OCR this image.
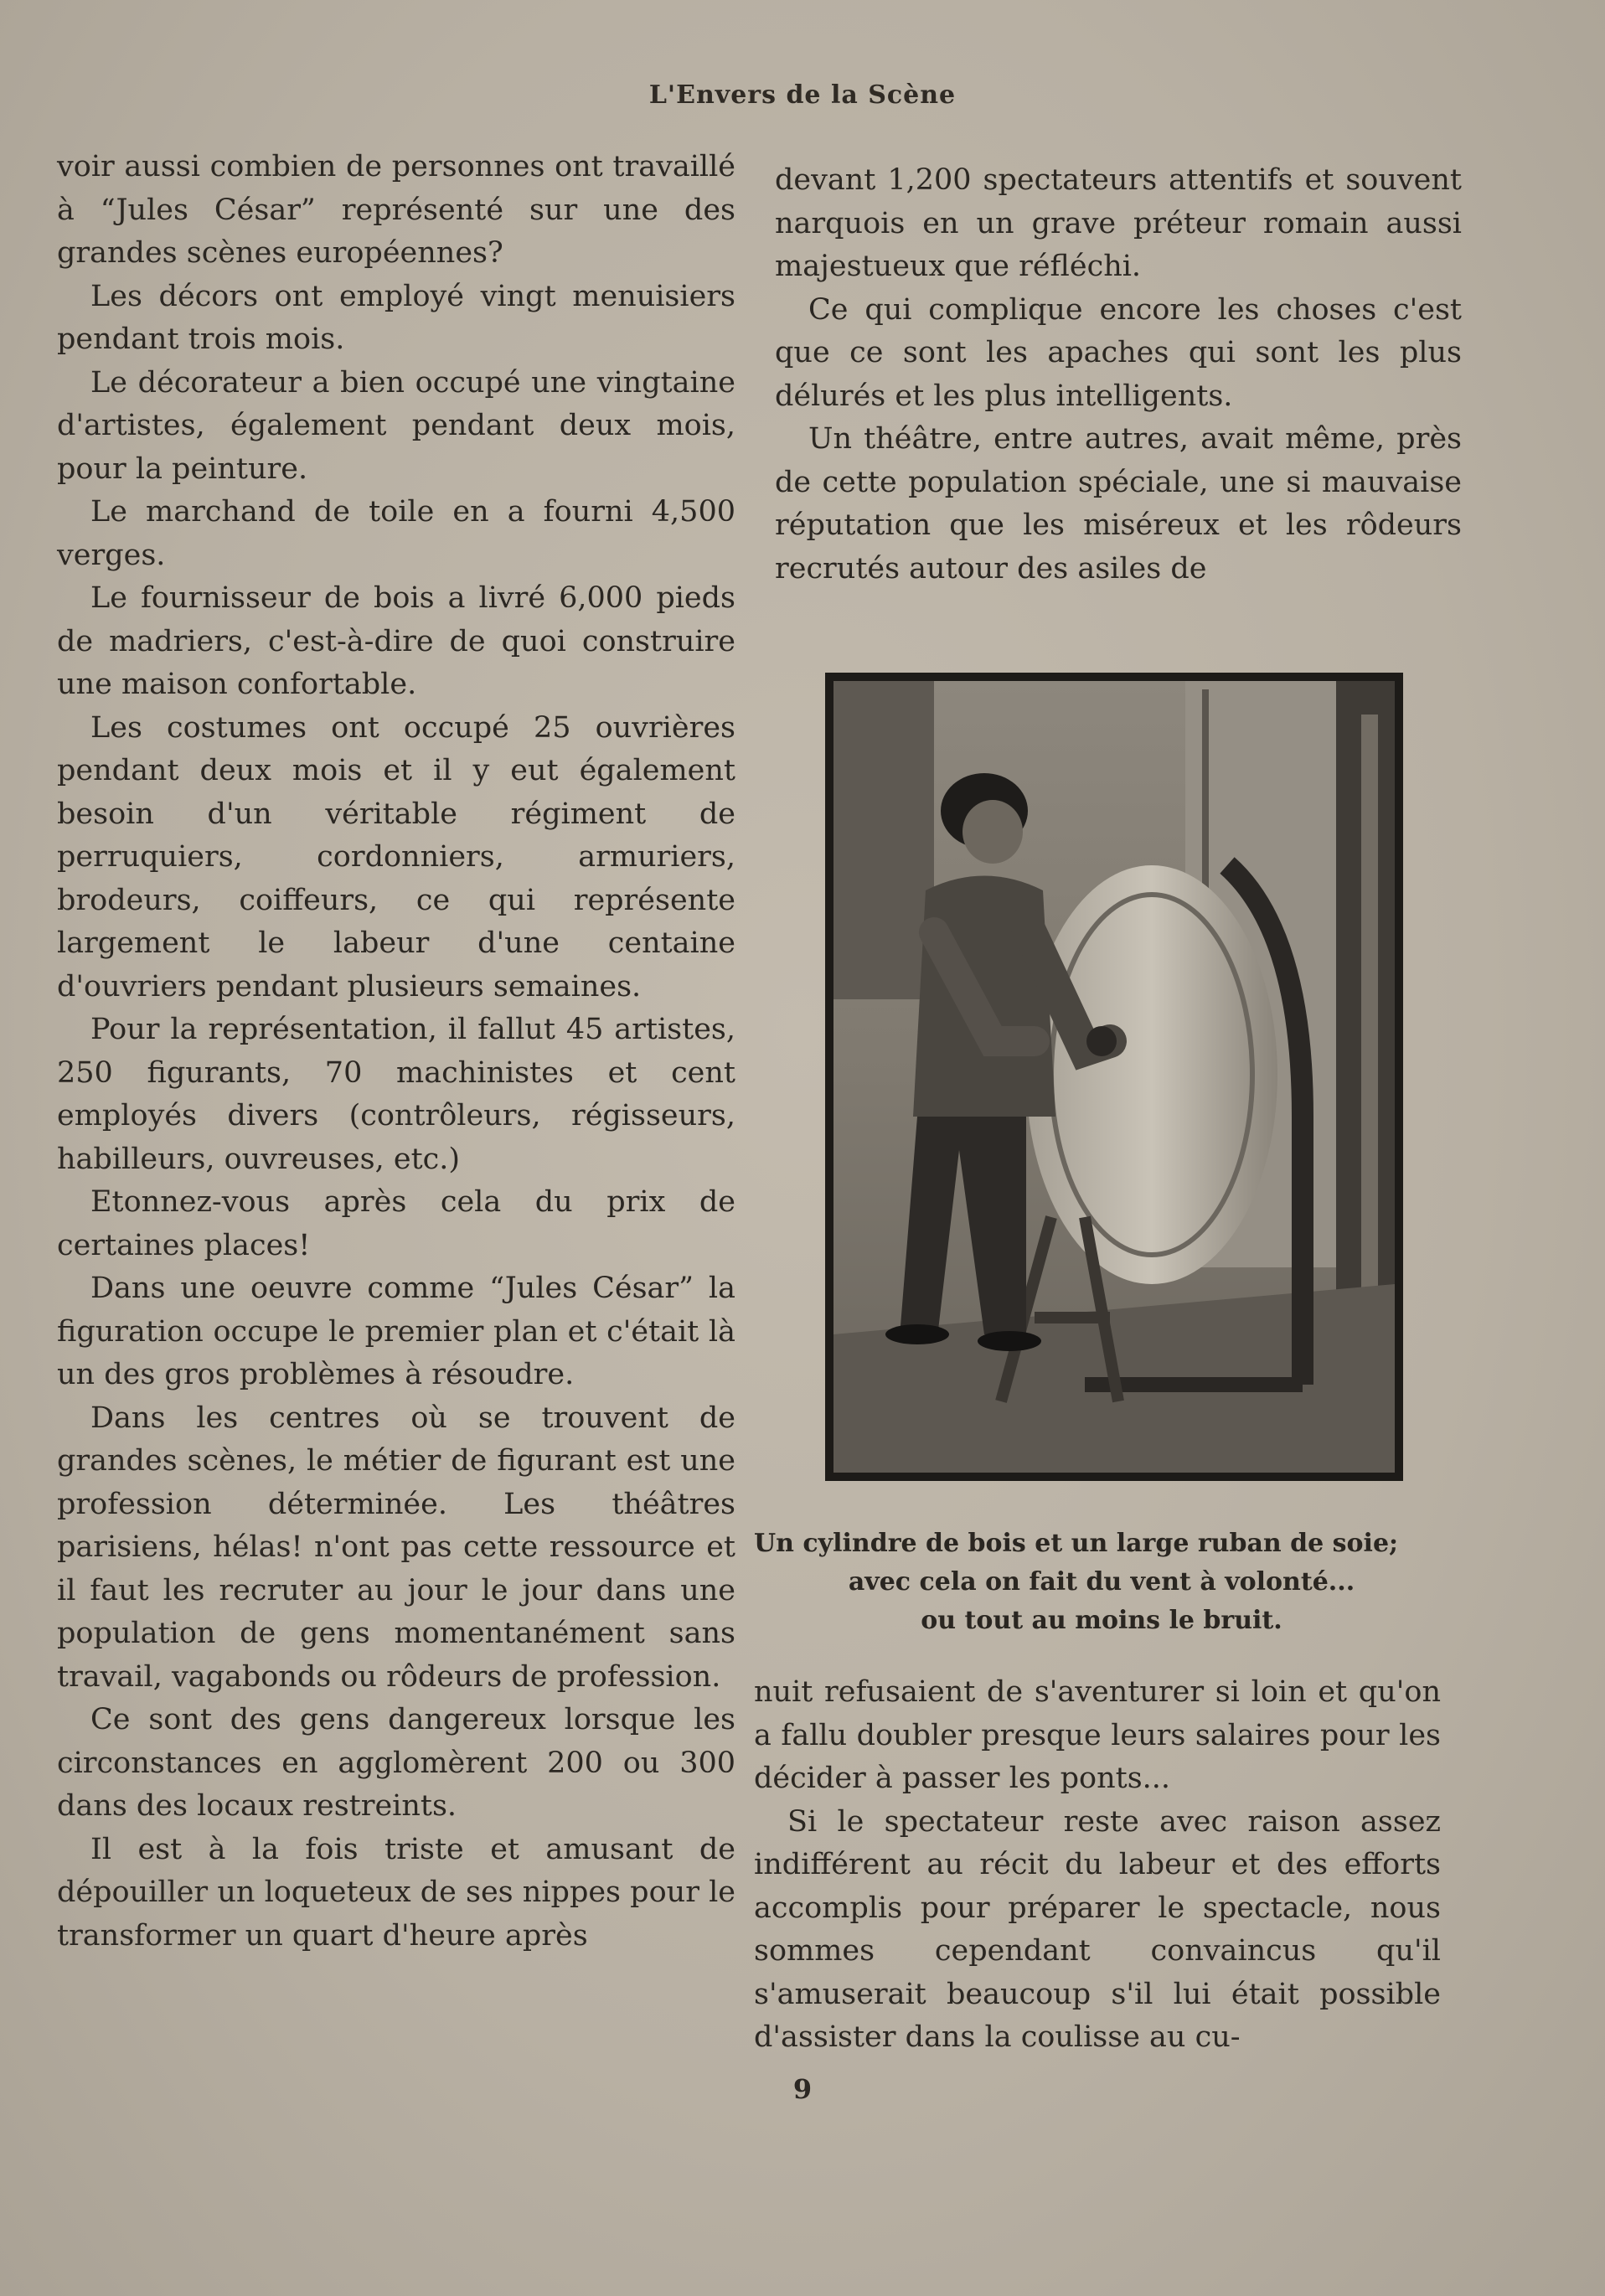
L'Envers de la Scène

voir aussi combien de personnes ont travaillé à “Jules César” représenté sur une des grandes scènes européennes?

Les décors ont employé vingt menuisiers pendant trois mois.

Le décorateur a bien occupé une vingtaine d'artistes, également pendant deux mois, pour la peinture.

Le marchand de toile en a fourni 4,500 verges.

Le fournisseur de bois a livré 6,000 pieds de madriers, c'est-à-dire de quoi construire une maison confortable.

Les costumes ont occupé 25 ouvrières pendant deux mois et il y eut également besoin d'un véritable régiment de perruquiers, cordonniers, armuriers, brodeurs, coiffeurs, ce qui représente largement le labeur d'une centaine d'ouvriers pendant plusieurs semaines.

Pour la représentation, il fallut 45 artistes, 250 figurants, 70 machinistes et cent employés divers (contrôleurs, régisseurs, habilleurs, ouvreuses, etc.)

Etonnez-vous après cela du prix de certaines places!

Dans une oeuvre comme “Jules César” la figuration occupe le premier plan et c'était là un des gros problèmes à résoudre.

Dans les centres où se trouvent de grandes scènes, le métier de figurant est une profession déterminée. Les théâtres parisiens, hélas! n'ont pas cette ressource et il faut les recruter au jour le jour dans une population de gens momentanément sans travail, vagabonds ou rôdeurs de profession.

Ce sont des gens dangereux lorsque les circonstances en agglomèrent 200 ou 300 dans des locaux restreints.

Il est à la fois triste et amusant de dépouiller un loqueteux de ses nippes pour le transformer un quart d'heure après

devant 1,200 spectateurs attentifs et souvent narquois en un grave préteur romain aussi majestueux que réfléchi.

Ce qui complique encore les choses c'est que ce sont les apaches qui sont les plus délurés et les plus intelligents.

Un théâtre, entre autres, avait même, près de cette population spéciale, une si mauvaise réputation que les miséreux et les rôdeurs recrutés autour des asiles de

Un cylindre de bois et un large ruban de soie;
avec cela on fait du vent à volonté...
ou tout au moins le bruit.

nuit refusaient de s'aventurer si loin et qu'on a fallu doubler presque leurs salaires pour les décider à passer les ponts...

Si le spectateur reste avec raison assez indifférent au récit du labeur et des efforts accomplis pour préparer le spectacle, nous sommes cependant convaincus qu'il s'amuserait beaucoup s'il lui était possible d'assister dans la coulisse au cu-

9
